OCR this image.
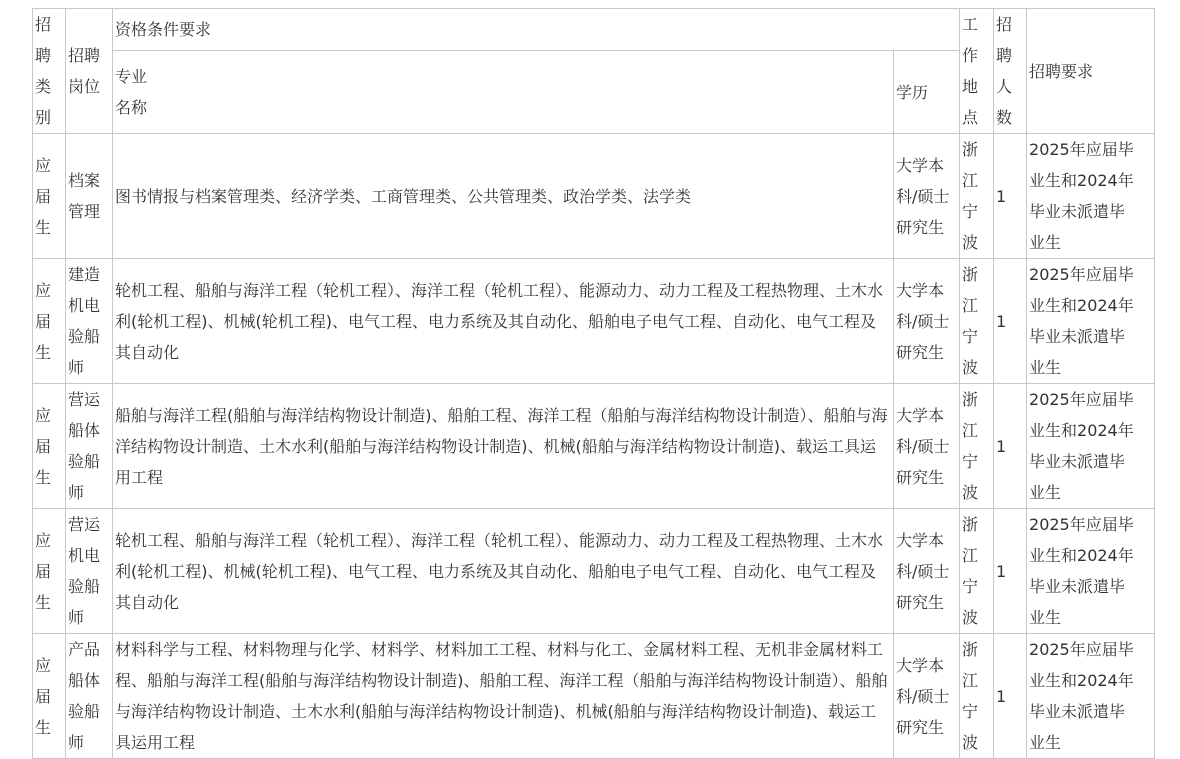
招
聘
类
别	招聘
岗位	资格条件要求		工
作
地
点	招
聘
人
数	招聘要求

		专业
名称	学历			

应
届
生	档案
管理	图书情报与档案管理类、经济学类、工商管理类、公共管理类、政治学类、法学类	大学本
科/硕士
研究生	浙
江
宁
波	1	2025年应届毕
业生和2024年
毕业未派遣毕
业生

应
届
生	建造
机电
验船
师	轮机工程、船舶与海洋工程（轮机工程）、海洋工程（轮机工程）、能源动力、动力工程及工程热物理、土木水利(轮机工程)、机械(轮机工程)、电气工程、电力系统及其自动化、船舶电子电气工程、自动化、电气工程及其自动化	大学本
科/硕士
研究生	浙
江
宁
波	1	2025年应届毕
业生和2024年
毕业未派遣毕
业生

应
届
生	营运
船体
验船
师	船舶与海洋工程(船舶与海洋结构物设计制造)、船舶工程、海洋工程（船舶与海洋结构物设计制造）、船舶与海洋结构物设计制造、土木水利(船舶与海洋结构物设计制造)、机械(船舶与海洋结构物设计制造)、载运工具运用工程	大学本
科/硕士
研究生	浙
江
宁
波	1	2025年应届毕
业生和2024年
毕业未派遣毕
业生

应
届
生	营运
机电
验船
师	轮机工程、船舶与海洋工程（轮机工程）、海洋工程（轮机工程）、能源动力、动力工程及工程热物理、土木水利(轮机工程)、机械(轮机工程)、电气工程、电力系统及其自动化、船舶电子电气工程、自动化、电气工程及其自动化	大学本
科/硕士
研究生	浙
江
宁
波	1	2025年应届毕
业生和2024年
毕业未派遣毕
业生

应
届
生	产品
船体
验船
师	材料科学与工程、材料物理与化学、材料学、材料加工工程、材料与化工、金属材料工程、无机非金属材料工程、船舶与海洋工程(船舶与海洋结构物设计制造)、船舶工程、海洋工程（船舶与海洋结构物设计制造）、船舶与海洋结构物设计制造、土木水利(船舶与海洋结构物设计制造)、机械(船舶与海洋结构物设计制造)、载运工具运用工程	大学本
科/硕士
研究生	浙
江
宁
波	1	2025年应届毕
业生和2024年
毕业未派遣毕
业生
